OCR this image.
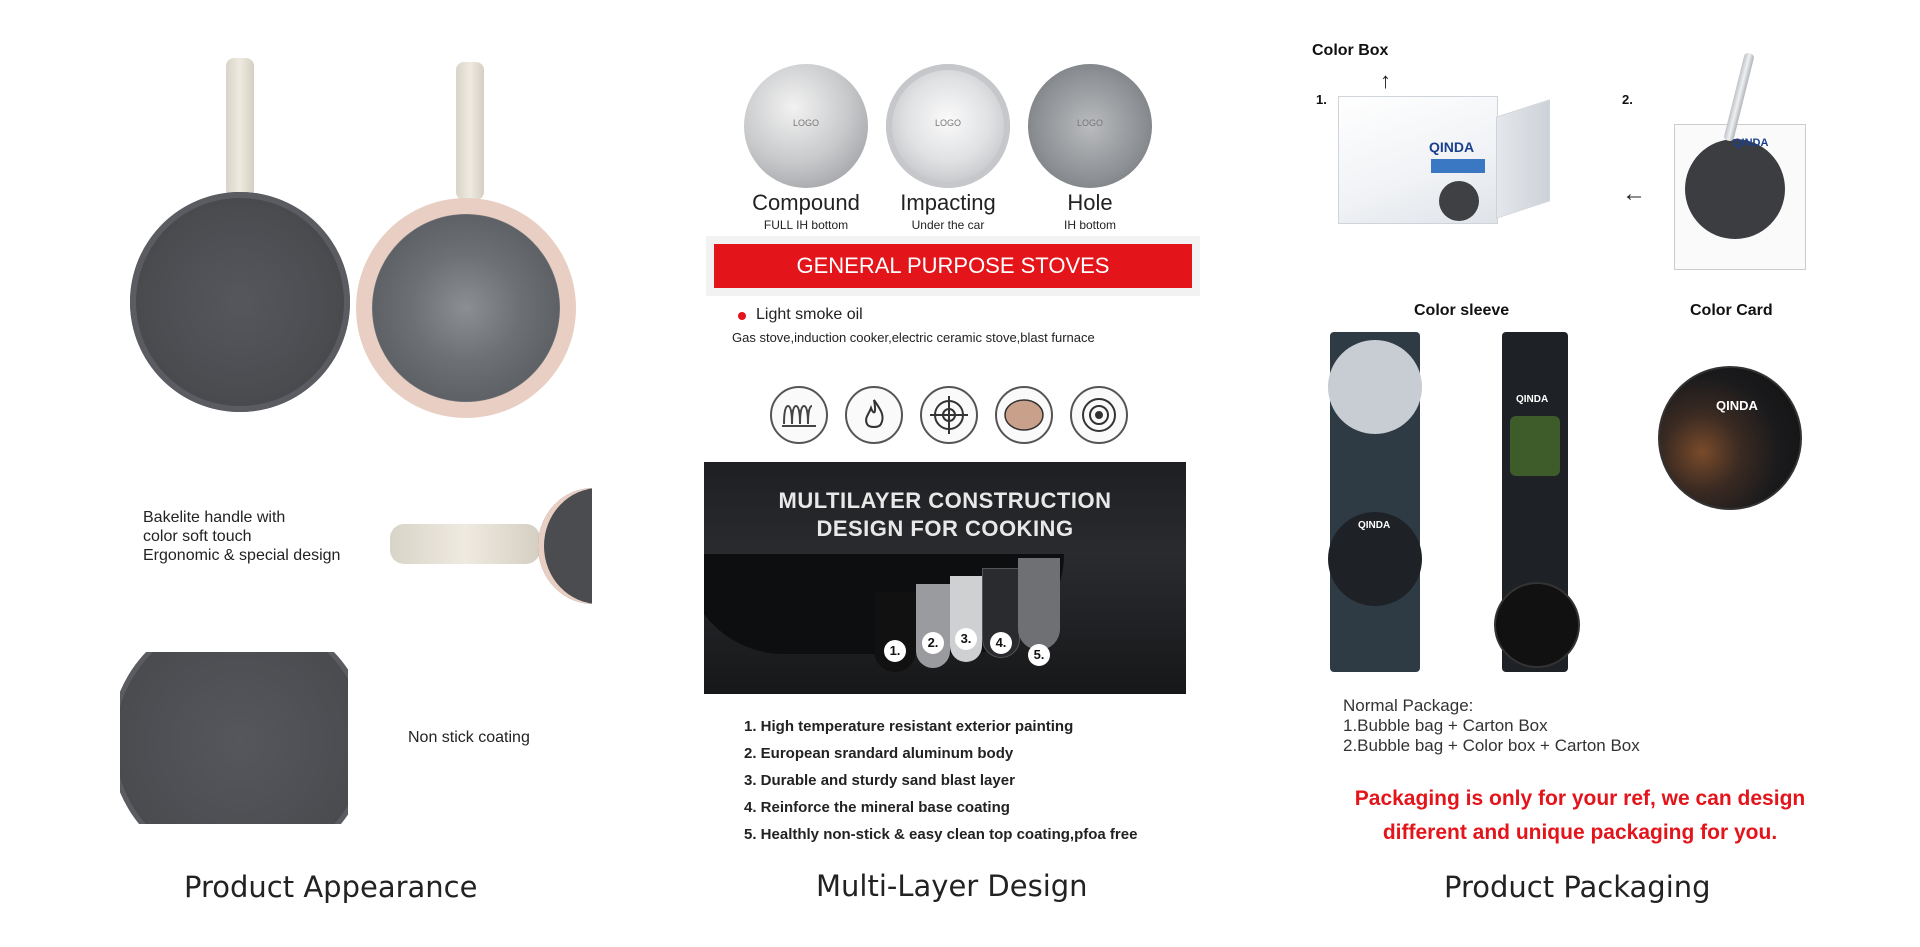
Bakelite handle with
color soft touch
Ergonomic & special design
Non stick coating
Product Appearance
LOGO	LOGO	LOGO
Compound	Impacting	Hole
FULL IH bottom	Under the car	IH bottom
GENERAL PURPOSE STOVES
Light smoke oil
Gas stove,induction cooker,electric ceramic stove,blast furnace
MULTILAYER CONSTRUCTION
DESIGN FOR COOKING
1.
2.	3.	4.
5.
1. High temperature resistant exterior painting
2. European srandard aluminum body
3. Durable and sturdy sand blast layer
4. Reinforce the mineral base coating
5. Healthly non-stick & easy clean top coating,pfoa free
Multi-Layer Design
Color Box
↑
1.
QINDA
2.
←
QINDA
Color sleeve	Color Card
QINDA
QINDA	QINDA
Normal Package:
1.Bubble bag + Carton Box
2.Bubble bag + Color box + Carton Box
Packaging is only for your ref, we can design
different and unique packaging for you.
Product Packaging
